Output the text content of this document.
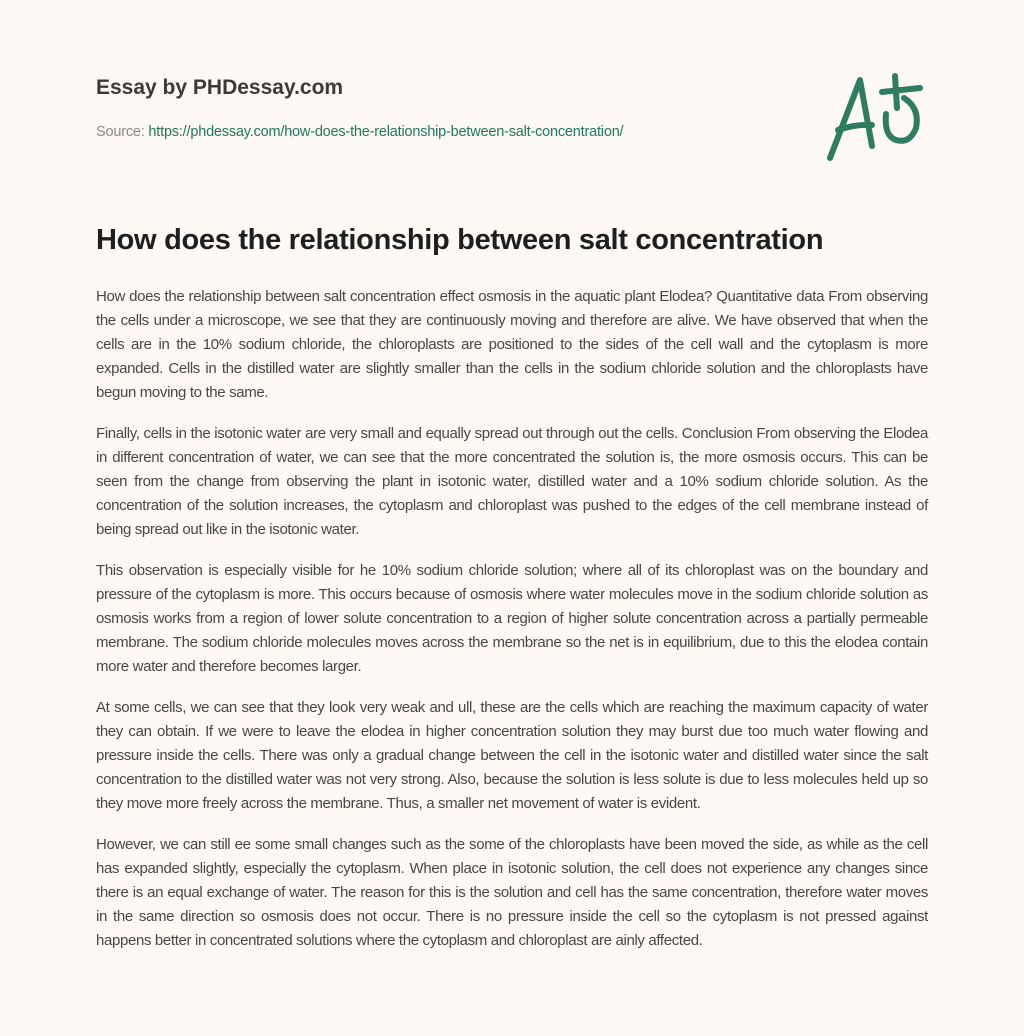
Essay by PHDessay.com
Source: https://phdessay.com/how-does-the-relationship-between-salt-concentration/
How does the relationship between salt concentration

How does the relationship between salt concentration effect osmosis in the aquatic plant Elodea? Quantitative data From observing the cells under a microscope, we see that they are continuously moving and therefore are alive. We have observed that when the cells are in the 10% sodium chloride, the chloroplasts are positioned to the sides of the cell wall and the cytoplasm is more expanded. Cells in the distilled water are slightly smaller than the cells in the sodium chloride solution and the chloroplasts have begun moving to the same.

Finally, cells in the isotonic water are very small and equally spread out through out the cells. Conclusion From observing the Elodea in different concentration of water, we can see that the more concentrated the solution is, the more osmosis occurs. This can be seen from the change from observing the plant in isotonic water, distilled water and a 10% sodium chloride solution. As the concentration of the solution increases, the cytoplasm and chloroplast was pushed to the edges of the cell membrane instead of being spread out like in the isotonic water.

This observation is especially visible for he 10% sodium chloride solution; where all of its chloroplast was on the boundary and pressure of the cytoplasm is more. This occurs because of osmosis where water molecules move in the sodium chloride solution as osmosis works from a region of lower solute concentration to a region of higher solute concentration across a partially permeable membrane. The sodium chloride molecules moves across the membrane so the net is in equilibrium, due to this the elodea contain more water and therefore becomes larger.

At some cells, we can see that they look very weak and ull, these are the cells which are reaching the maximum capacity of water they can obtain. If we were to leave the elodea in higher concentration solution they may burst due too much water flowing and pressure inside the cells. There was only a gradual change between the cell in the isotonic water and distilled water since the salt concentration to the distilled water was not very strong. Also, because the solution is less solute is due to less molecules held up so they move more freely across the membrane. Thus, a smaller net movement of water is evident.

However, we can still ee some small changes such as the some of the chloroplasts have been moved the side, as while as the cell has expanded slightly, especially the cytoplasm. When place in isotonic solution, the cell does not experience any changes since there is an equal exchange of water. The reason for this is the solution and cell has the same concentration, therefore water moves in the same direction so osmosis does not occur. There is no pressure inside the cell so the cytoplasm is not pressed against happens better in concentrated solutions where the cytoplasm and chloroplast are ainly affected.
